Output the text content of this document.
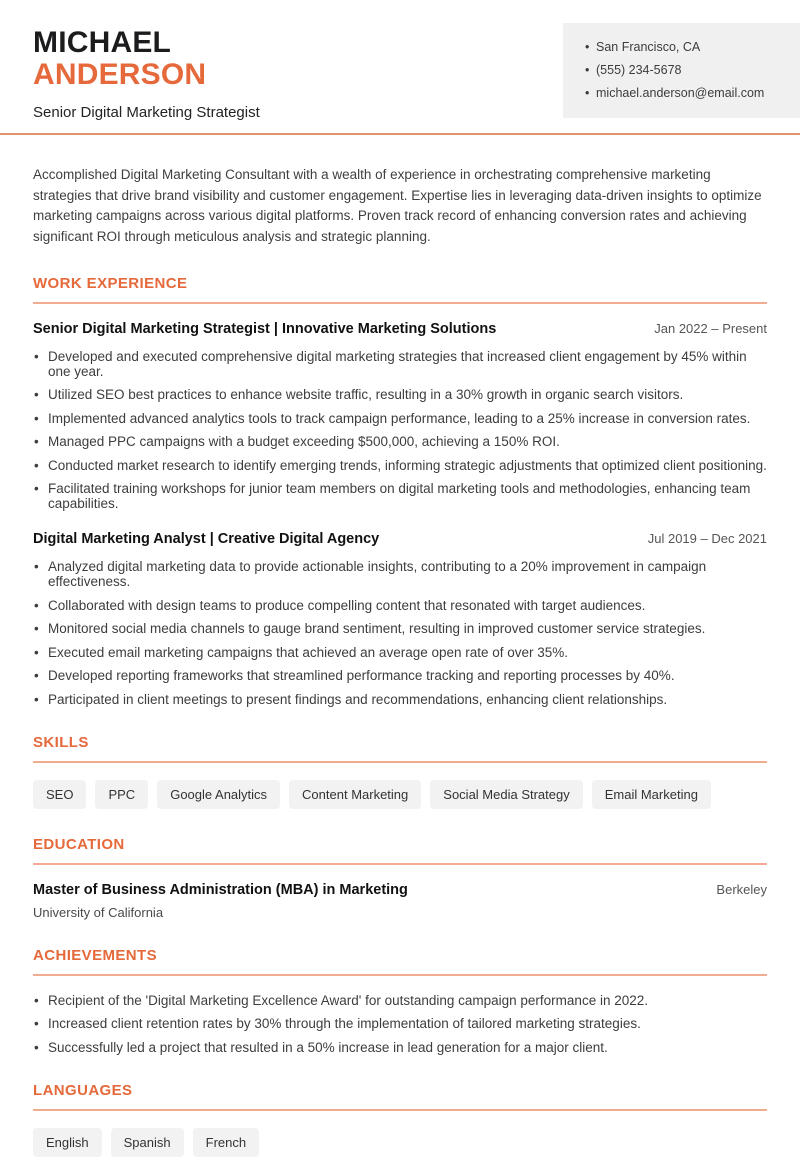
MICHAEL
ANDERSON
Senior Digital Marketing Strategist
• San Francisco, CA
• (555) 234-5678
• michael.anderson@email.com

Accomplished Digital Marketing Consultant with a wealth of experience in orchestrating comprehensive marketing strategies that drive brand visibility and customer engagement. Expertise lies in leveraging data-driven insights to optimize marketing campaigns across various digital platforms. Proven track record of enhancing conversion rates and achieving significant ROI through meticulous analysis and strategic planning.

WORK EXPERIENCE
Senior Digital Marketing Strategist | Innovative Marketing Solutions	Jan 2022 – Present
• Developed and executed comprehensive digital marketing strategies that increased client engagement by 45% within one year.
• Utilized SEO best practices to enhance website traffic, resulting in a 30% growth in organic search visitors.
• Implemented advanced analytics tools to track campaign performance, leading to a 25% increase in conversion rates.
• Managed PPC campaigns with a budget exceeding $500,000, achieving a 150% ROI.
• Conducted market research to identify emerging trends, informing strategic adjustments that optimized client positioning.
• Facilitated training workshops for junior team members on digital marketing tools and methodologies, enhancing team capabilities.
Digital Marketing Analyst | Creative Digital Agency	Jul 2019 – Dec 2021
• Analyzed digital marketing data to provide actionable insights, contributing to a 20% improvement in campaign effectiveness.
• Collaborated with design teams to produce compelling content that resonated with target audiences.
• Monitored social media channels to gauge brand sentiment, resulting in improved customer service strategies.
• Executed email marketing campaigns that achieved an average open rate of over 35%.
• Developed reporting frameworks that streamlined performance tracking and reporting processes by 40%.
• Participated in client meetings to present findings and recommendations, enhancing client relationships.
SKILLS
SEO	PPC	Google Analytics	Content Marketing	Social Media Strategy	Email Marketing
EDUCATION
Master of Business Administration (MBA) in Marketing	Berkeley
University of California
ACHIEVEMENTS
• Recipient of the 'Digital Marketing Excellence Award' for outstanding campaign performance in 2022.
• Increased client retention rates by 30% through the implementation of tailored marketing strategies.
• Successfully led a project that resulted in a 50% increase in lead generation for a major client.
LANGUAGES
English	Spanish	French
